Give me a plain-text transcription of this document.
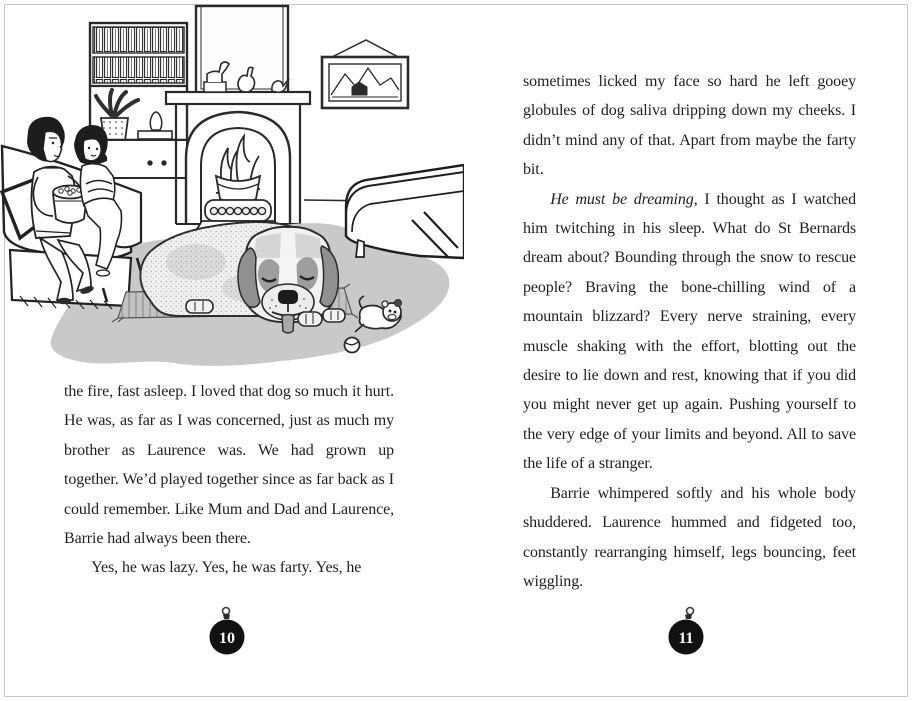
the fire, fast asleep. I loved that dog so much it hurt. He was, as far as I was concerned, just as much my brother as Laurence was. We had grown up together. We’d played together since as far back as I could remember. Like Mum and Dad and Laurence, Barrie had always been there.

Yes, he was lazy. Yes, he was farty. Yes, he

sometimes licked my face so hard he left gooey globules of dog saliva dripping down my cheeks. I didn’t mind any of that. Apart from maybe the farty bit.

He must be dreaming, I thought as I watched him twitching in his sleep. What do St Bernards dream about? Bounding through the snow to rescue people? Braving the bone-chilling wind of a mountain blizzard? Every nerve straining, every muscle shaking with the effort, blotting out the desire to lie down and rest, knowing that if you did you might never get up again. Pushing yourself to the very edge of your limits and beyond. All to save the life of a stranger.

Barrie whimpered softly and his whole body shuddered. Laurence hummed and fidgeted too, constantly rearranging himself, legs bouncing, feet wiggling.

10	11
